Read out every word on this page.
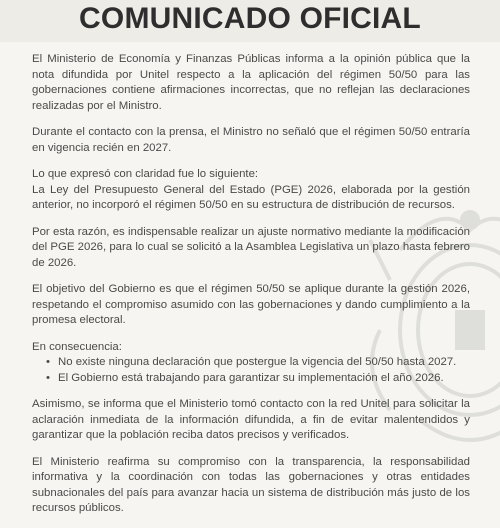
COMUNICADO OFICIAL

El Ministerio de Economía y Finanzas Públicas informa a la opinión pública que la nota difundida por Unitel respecto a la aplicación del régimen 50/50 para las gobernaciones contiene afirmaciones incorrectas, que no reflejan las declaraciones realizadas por el Ministro.

Durante el contacto con la prensa, el Ministro no señaló que el régimen 50/50 entraría en vigencia recién en 2027.

Lo que expresó con claridad fue lo siguiente:

La Ley del Presupuesto General del Estado (PGE) 2026, elaborada por la gestión anterior, no incorporó el régimen 50/50 en su estructura de distribución de recursos.

Por esta razón, es indispensable realizar un ajuste normativo mediante la modificación del PGE 2026, para lo cual se solicitó a la Asamblea Legislativa un plazo hasta febrero de 2026.

El objetivo del Gobierno es que el régimen 50/50 se aplique durante la gestión 2026, respetando el compromiso asumido con las gobernaciones y dando cumplimiento a la promesa electoral.

En consecuencia:

• No existe ninguna declaración que postergue la vigencia del 50/50 hasta 2027.
• El Gobierno está trabajando para garantizar su implementación el año 2026.

Asimismo, se informa que el Ministerio tomó contacto con la red Unitel para solicitar la aclaración inmediata de la información difundida, a fin de evitar malentendidos y garantizar que la población reciba datos precisos y verificados.

El Ministerio reafirma su compromiso con la transparencia, la responsabilidad informativa y la coordinación con todas las gobernaciones y otras entidades subnacionales del país para avanzar hacia un sistema de distribución más justo de los recursos públicos.
